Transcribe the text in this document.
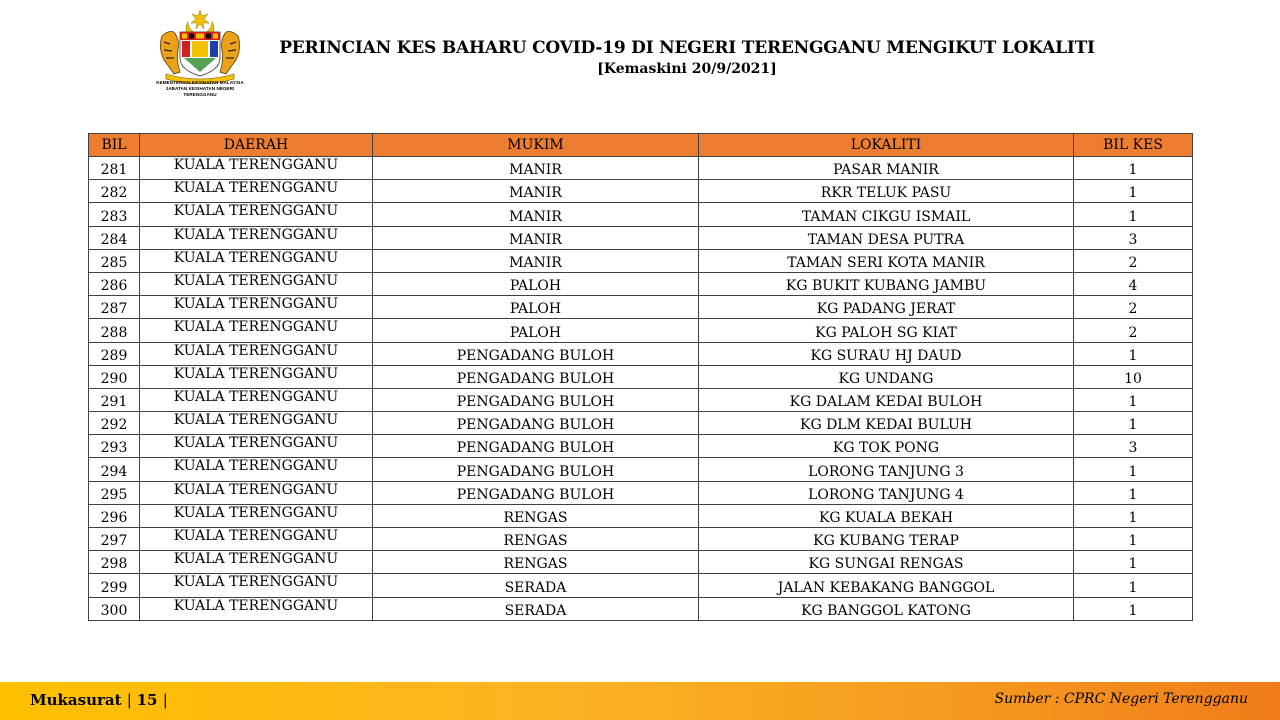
KEMENTERIAN KESIHATAN MALAYSIA
JABATAN KESIHATAN NEGERI TERENGGANU
PERINCIAN KES BAHARU COVID-19 DI NEGERI TERENGGANU MENGIKUT LOKALITI
[Kemaskini 20/9/2021]
BIL	DAERAH	MUKIM	LOKALITI	BIL KES
281	KUALA TERENGGANU	MANIR	PASAR MANIR	1
282	KUALA TERENGGANU	MANIR	RKR TELUK PASU	1
283	KUALA TERENGGANU	MANIR	TAMAN CIKGU ISMAIL	1
284	KUALA TERENGGANU	MANIR	TAMAN DESA PUTRA	3
285	KUALA TERENGGANU	MANIR	TAMAN SERI KOTA MANIR	2
286	KUALA TERENGGANU	PALOH	KG BUKIT KUBANG JAMBU	4
287	KUALA TERENGGANU	PALOH	KG PADANG JERAT	2
288	KUALA TERENGGANU	PALOH	KG PALOH SG KIAT	2
289	KUALA TERENGGANU	PENGADANG BULOH	KG SURAU HJ DAUD	1
290	KUALA TERENGGANU	PENGADANG BULOH	KG UNDANG	10
291	KUALA TERENGGANU	PENGADANG BULOH	KG DALAM KEDAI BULOH	1
292	KUALA TERENGGANU	PENGADANG BULOH	KG DLM KEDAI BULUH	1
293	KUALA TERENGGANU	PENGADANG BULOH	KG TOK PONG	3
294	KUALA TERENGGANU	PENGADANG BULOH	LORONG TANJUNG 3	1
295	KUALA TERENGGANU	PENGADANG BULOH	LORONG TANJUNG 4	1
296	KUALA TERENGGANU	RENGAS	KG KUALA BEKAH	1
297	KUALA TERENGGANU	RENGAS	KG KUBANG TERAP	1
298	KUALA TERENGGANU	RENGAS	KG SUNGAI RENGAS	1
299	KUALA TERENGGANU	SERADA	JALAN KEBAKANG BANGGOL	1
300	KUALA TERENGGANU	SERADA	KG BANGGOL KATONG	1
Mukasurat | 15 |	Sumber : CPRC Negeri Terengganu
